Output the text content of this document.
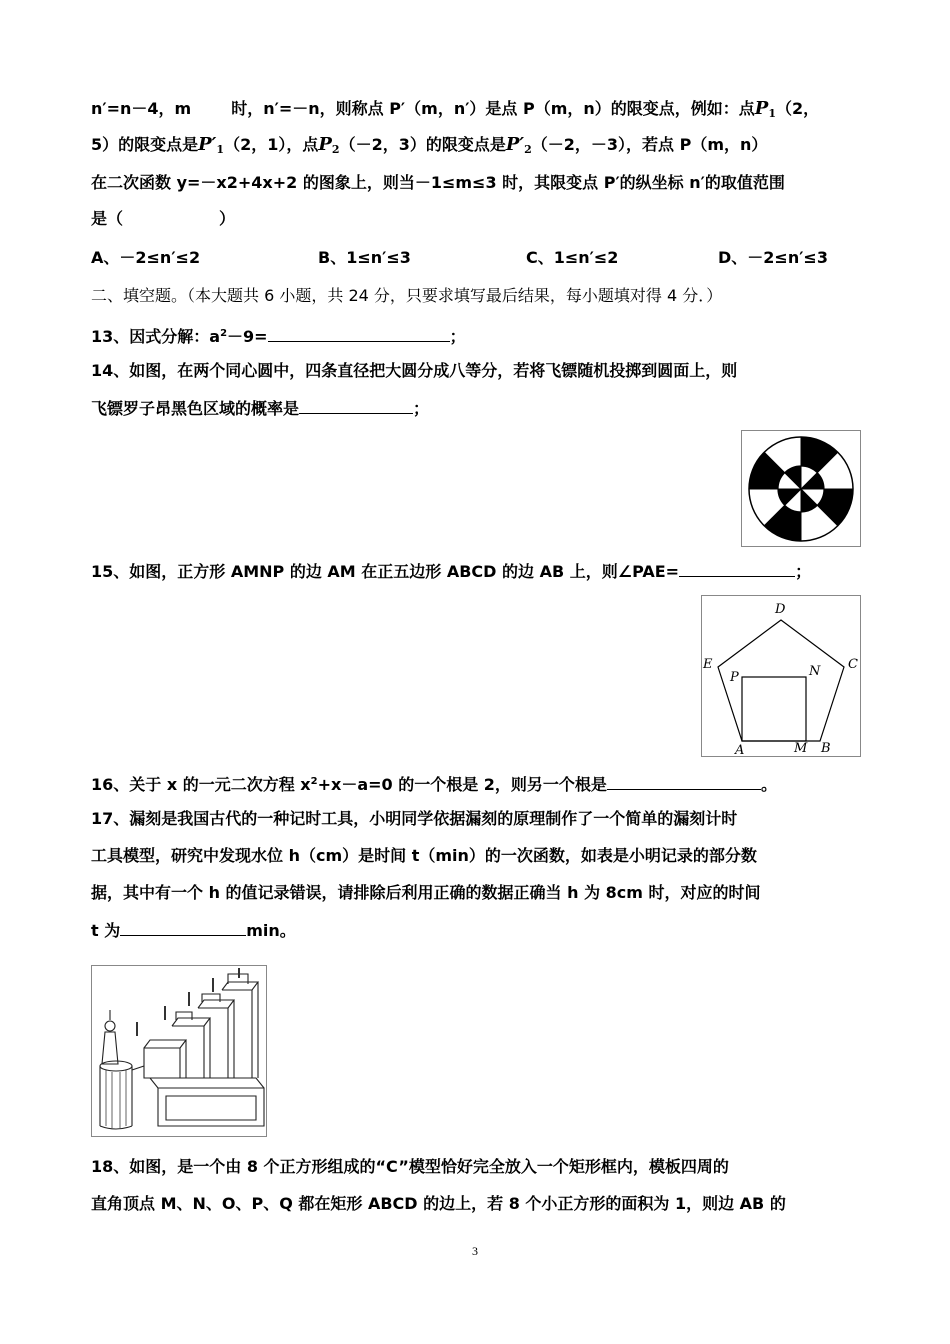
n′=n－4，m	时，n′=－n，则称点 P′（m，n′）是点 P（m，n）的限变点，例如：点$P_1(2$，
5）的限变点是$P'_1(2$，1），点$P_2(-2$，3）的限变点是$P'_2(-2$，－3），若点 P（m，n）
在二次函数 y=－x2+4x+2 的图象上，则当－1≤m≤3 时，其限变点 P′的纵坐标 n′的取值范围
是（	）
A、－2≤n′≤2	B、1≤n′≤3	C、1≤n′≤2	D、－2≤n′≤3
二、填空题。（本大题共 6 小题，共 24 分，只要求填写最后结果，每小题填对得 4 分．）
13、因式分解：$a^2-9=$	；
14、如图，在两个同心圆中，四条直径把大圆分成八等分，若将飞镖随机投掷到圆面上，则
飞镖罗子昂黑色区域的概率是	；
15、如图，正方形 AMNP 的边 AM 在正五边形 ABCD 的边 AB 上，则∠PAE=	；
A	M B
C
D
E
P	N
16、关于 x 的一元二次方程 $x^2+x-a=0$ 的一个根是 2，则另一个根是	。
17、漏刻是我国古代的一种记时工具，小明同学依据漏刻的原理制作了一个简单的漏刻计时
工具模型，研究中发现水位 h（cm）是时间 t（min）的一次函数，如表是小明记录的部分数
据，其中有一个 h 的值记录错误，请排除后利用正确的数据正确当 h 为 8cm 时，对应的时间
t 为	min。
18、如图，是一个由 8 个正方形组成的“C”模型恰好完全放入一个矩形框内，模板四周的
直角顶点 M、N、O、P、Q 都在矩形 ABCD 的边上，若 8 个小正方形的面积为 1，则边 AB 的
3
